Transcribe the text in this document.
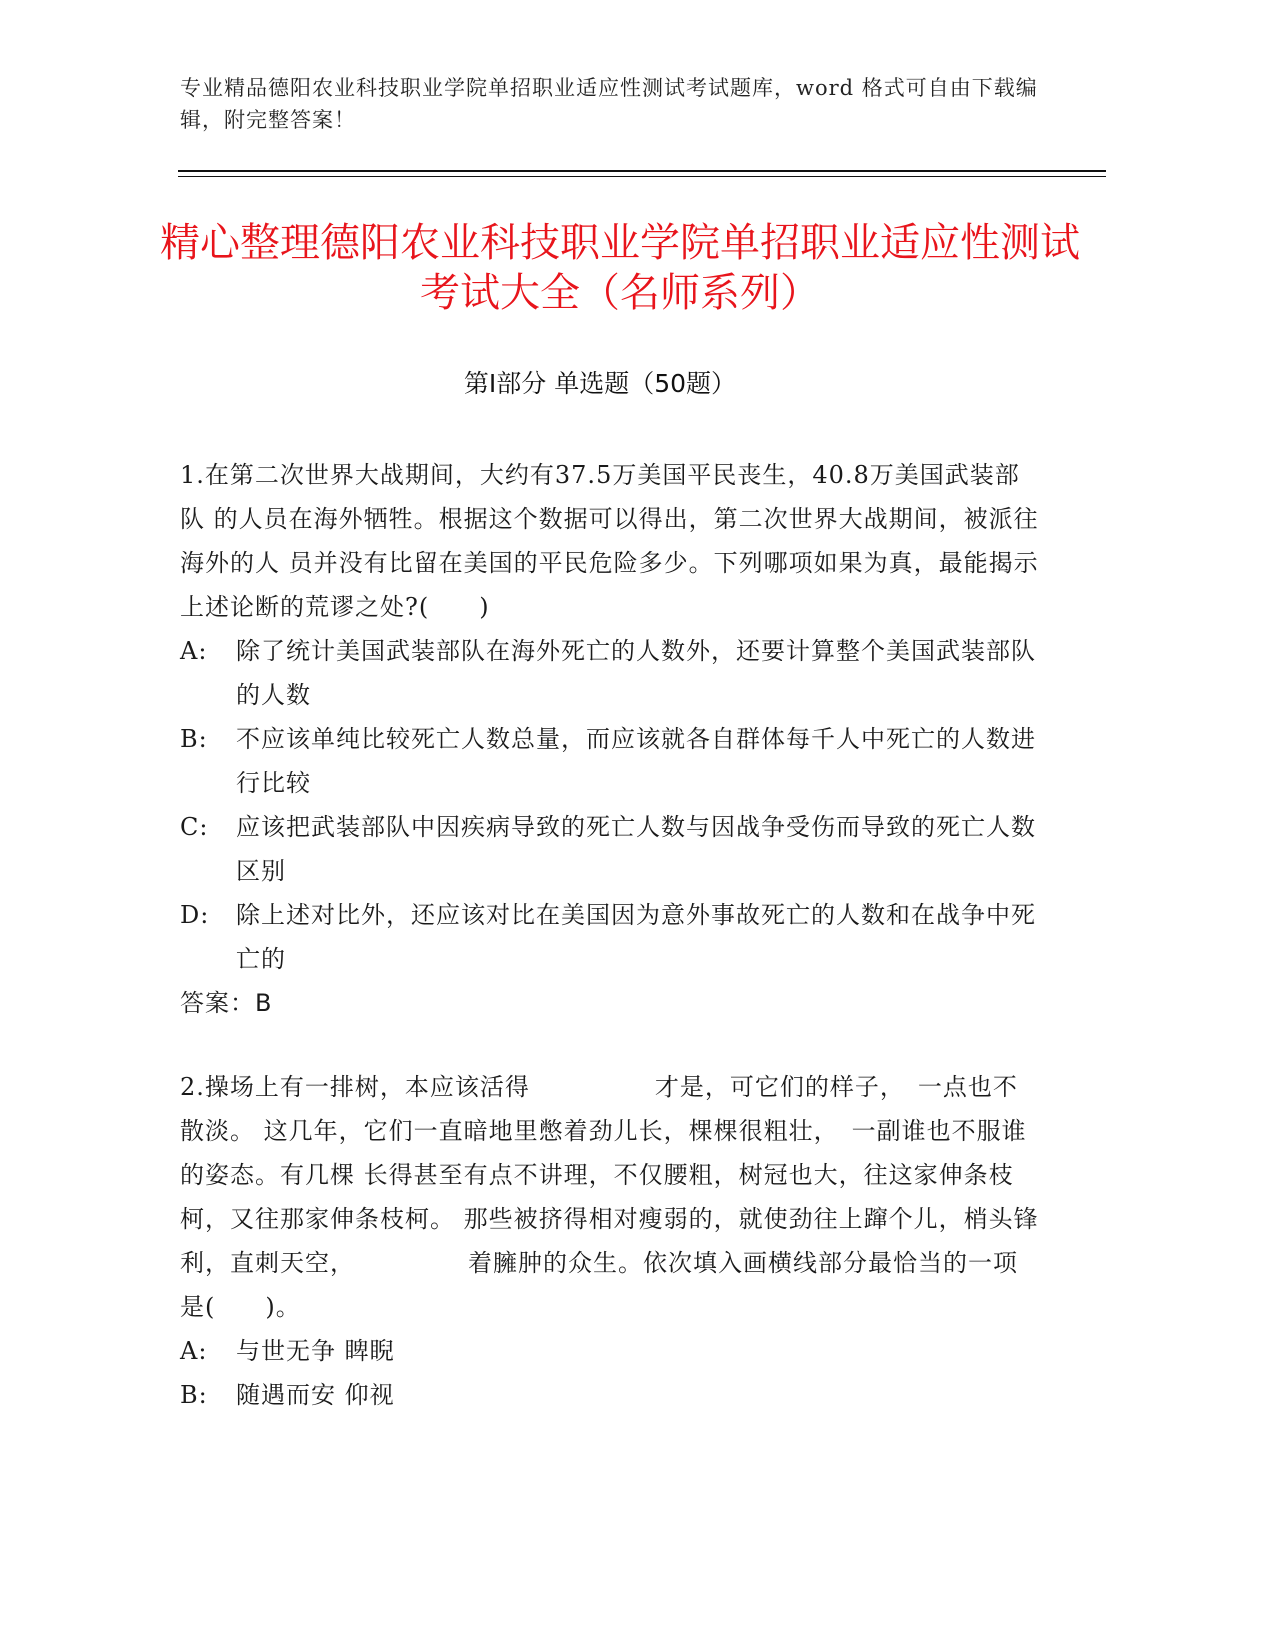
专业精品德阳农业科技职业学院单招职业适应性测试考试题库，word 格式可自由下载编辑，附完整答案！
精心整理德阳农业科技职业学院单招职业适应性测试考试大全（名师系列）
第Ⅰ部分 单选题（50题）

1.在第二次世界大战期间，大约有37.5万美国平民丧生，40.8万美国武装部队 的人员在海外牺牲。根据这个数据可以得出，第二次世界大战期间，被派往海外的人 员并没有比留在美国的平民危险多少。下列哪项如果为真，最能揭示上述论断的荒谬之处?(　　)

A:	除了统计美国武装部队在海外死亡的人数外，还要计算整个美国武装部队的人数
B:	不应该单纯比较死亡人数总量，而应该就各自群体每千人中死亡的人数进行比较
C:	应该把武装部队中因疾病导致的死亡人数与因战争受伤而导致的死亡人数区别
D:	除上述对比外，还应该对比在美国因为意外事故死亡的人数和在战争中死亡的
答案：B

2.操场上有一排树，本应该活得　　　　　才是，可它们的样子，　一点也不散淡。 这几年，它们一直暗地里憋着劲儿长，棵棵很粗壮，　一副谁也不服谁的姿态。有几棵 长得甚至有点不讲理，不仅腰粗，树冠也大，往这家伸条枝柯，又往那家伸条枝柯。 那些被挤得相对瘦弱的，就使劲往上蹿个儿，梢头锋利，直刺天空，　　　　　着臃肿的众生。依次填入画横线部分最恰当的一项是(　　)。

A:	与世无争 睥睨
B:	随遇而安 仰视
